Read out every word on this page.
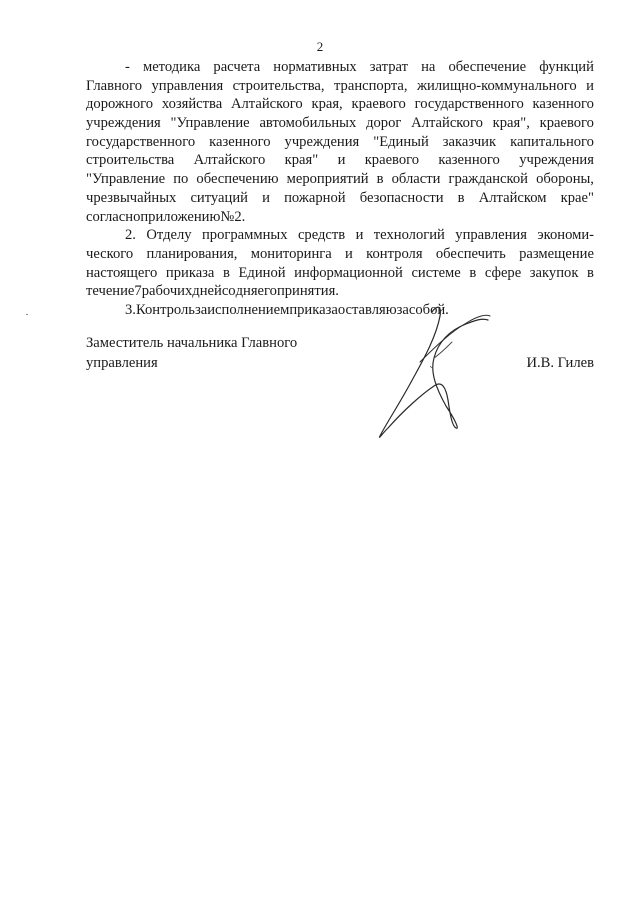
2
- методика расчета нормативных затрат на обеспечение функций
Главного управления строительства, транспорта, жилищно-коммунального и
дорожного хозяйства Алтайского края, краевого государственного казенного
учреждения "Управление автомобильных дорог Алтайского края", краевого
государственного казенного учреждения "Единый заказчик капитального
строительства Алтайского края" и краевого казенного учреждения
"Управление по обеспечению мероприятий в области гражданской обороны,
чрезвычайных ситуаций и пожарной безопасности в Алтайском крае"
согласно приложению № 2.
2. Отделу программных средств и технологий управления экономи-
ческого планирования, мониторинга и контроля обеспечить размещение
настоящего приказа в Единой информационной системе в сфере закупок в
течение 7 рабочих дней со дня его принятия.
3. Контроль за исполнением приказа оставляю за собой.
Заместитель начальника Главного
управления	И.В. Гилев
